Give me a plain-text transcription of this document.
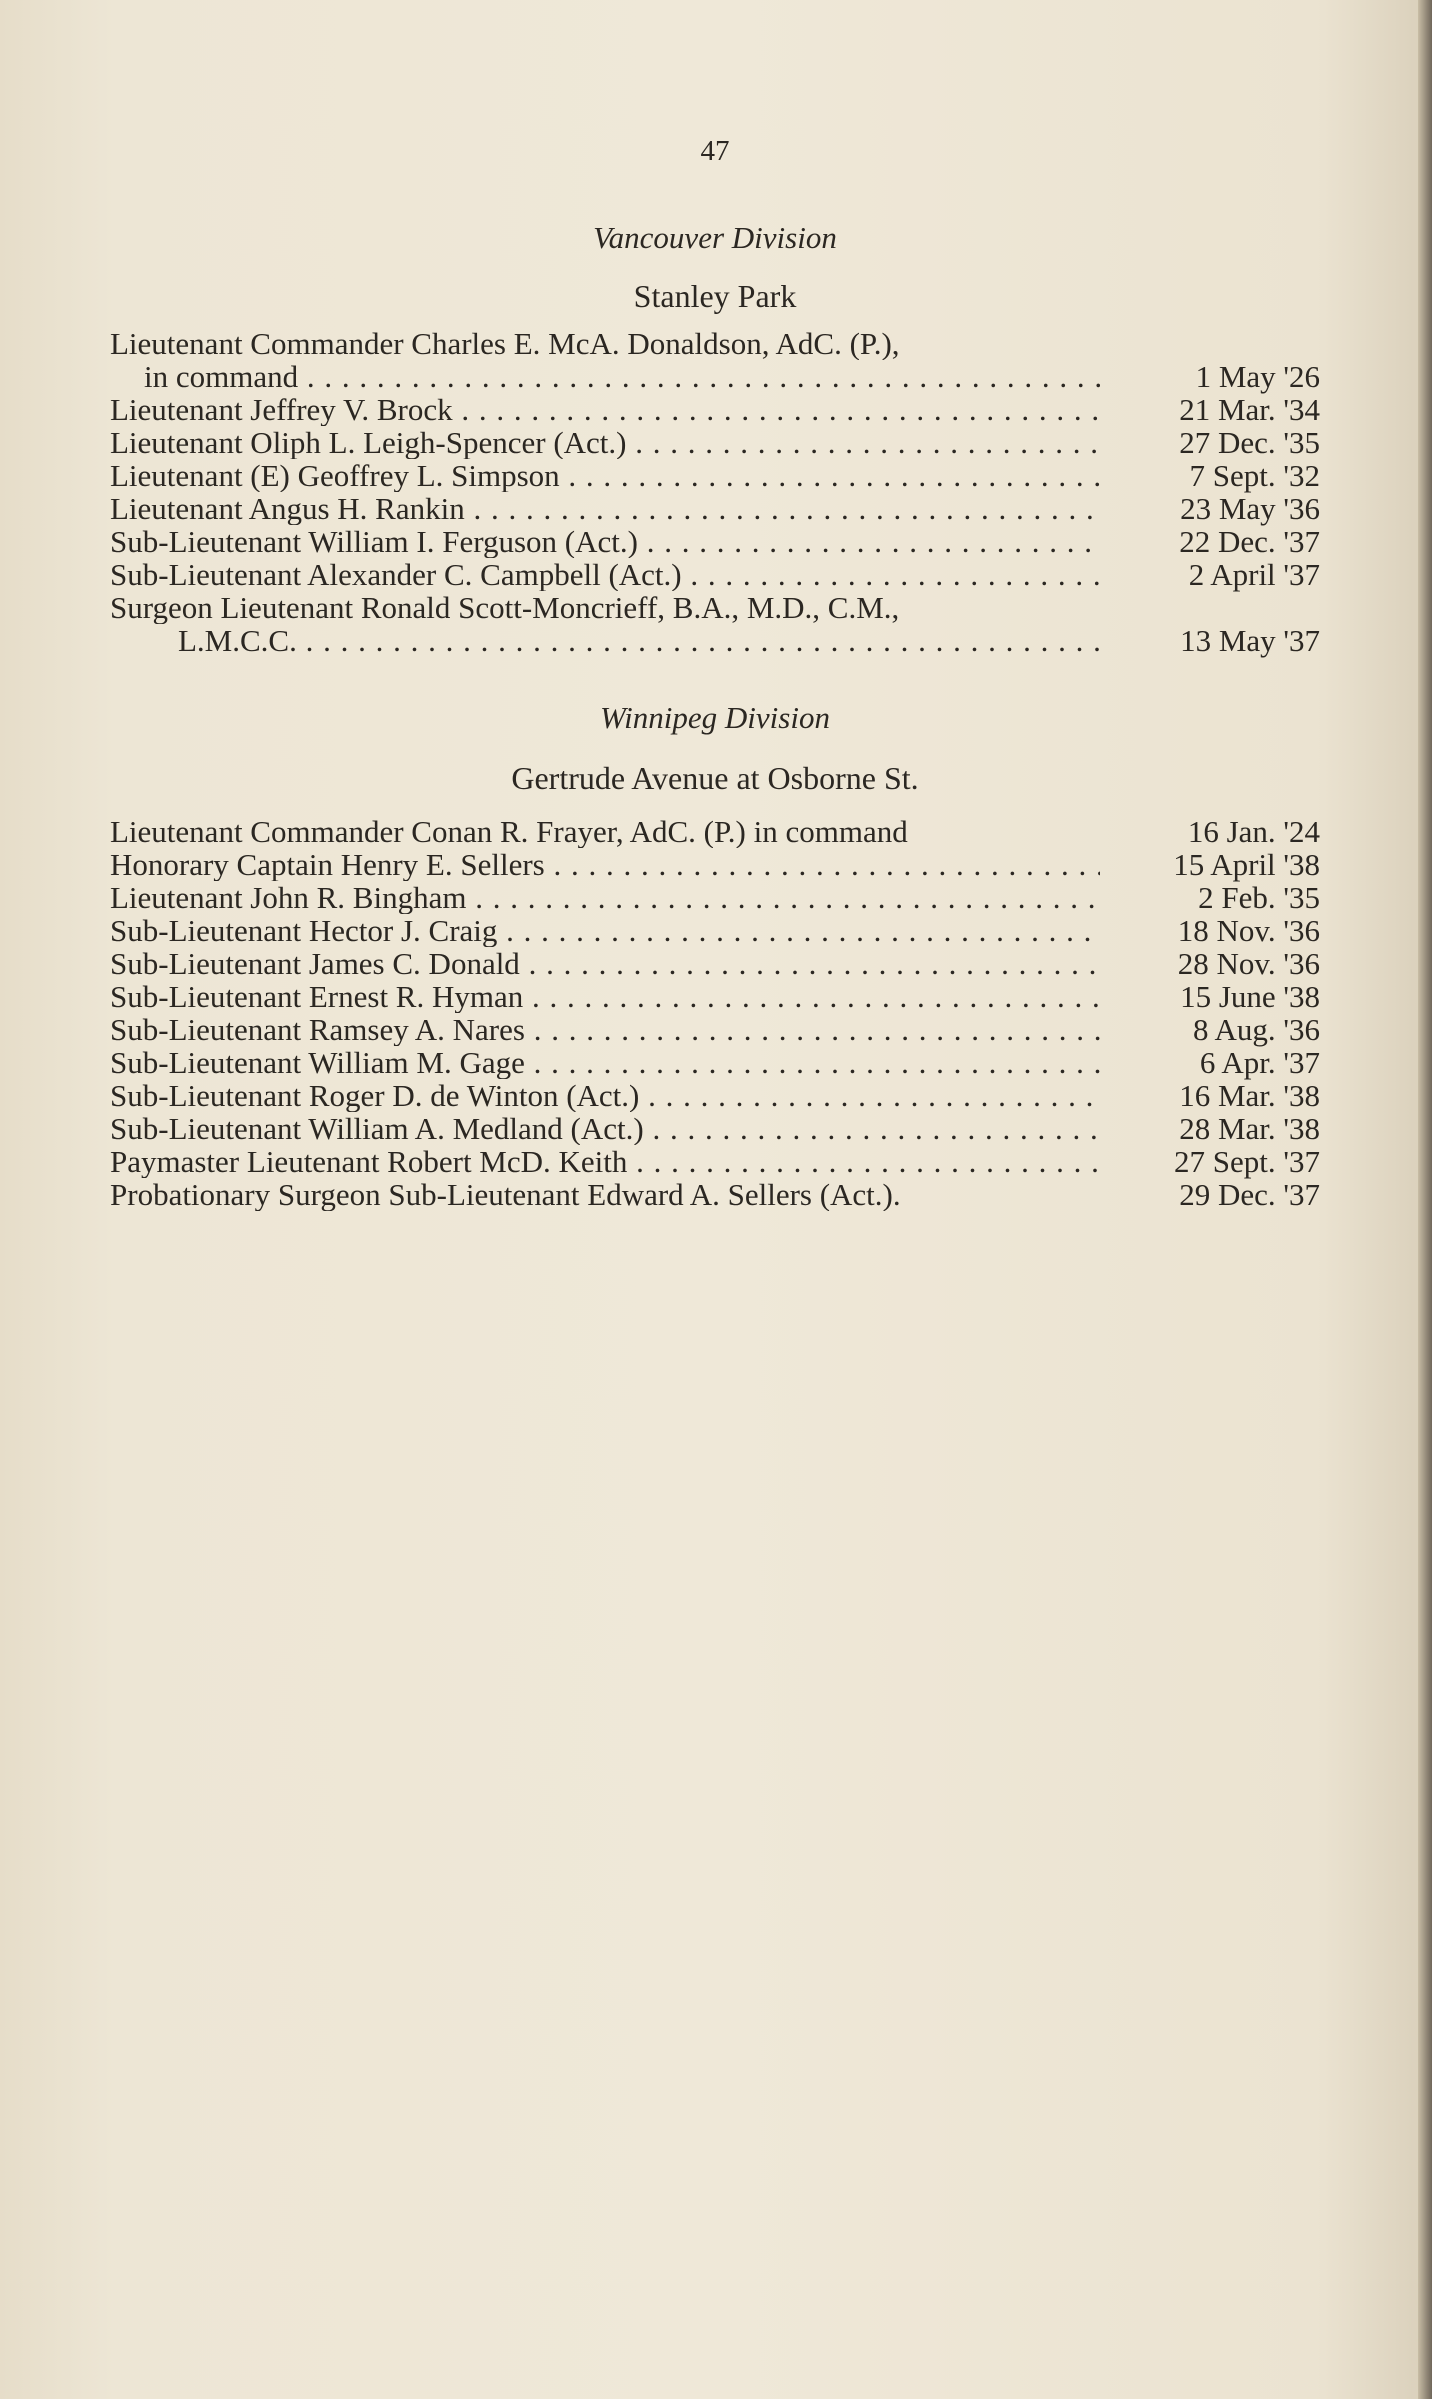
47
Vancouver Division
Stanley Park
Lieutenant Commander Charles E. McA. Donaldson, AdC. (P.),
in command . . .	1 May '26
Lieutenant Jeffrey V. Brock . . .	21 Mar. '34
Lieutenant Oliph L. Leigh-Spencer (Act.) . . .	27 Dec. '35
Lieutenant (E) Geoffrey L. Simpson . . .	7 Sept. '32
Lieutenant Angus H. Rankin . . .	23 May '36
Sub-Lieutenant William I. Ferguson (Act.) . . .	22 Dec. '37
Sub-Lieutenant Alexander C. Campbell (Act.) . . .	2 April '37
Surgeon Lieutenant Ronald Scott-Moncrieff, B.A., M.D., C.M.,
L.M.C.C. . . .	13 May '37
Winnipeg Division
Gertrude Avenue at Osborne St.
Lieutenant Commander Conan R. Frayer, AdC. (P.) in command	16 Jan. '24
Honorary Captain Henry E. Sellers . . .	15 April '38
Lieutenant John R. Bingham . . .	2 Feb. '35
Sub-Lieutenant Hector J. Craig . . .	18 Nov. '36
Sub-Lieutenant James C. Donald . . .	28 Nov. '36
Sub-Lieutenant Ernest R. Hyman . . .	15 June '38
Sub-Lieutenant Ramsey A. Nares . . .	8 Aug. '36
Sub-Lieutenant William M. Gage . . .	6 Apr. '37
Sub-Lieutenant Roger D. de Winton (Act.) . . .	16 Mar. '38
Sub-Lieutenant William A. Medland (Act.) . . .	28 Mar. '38
Paymaster Lieutenant Robert McD. Keith . . .	27 Sept. '37
Probationary Surgeon Sub-Lieutenant Edward A. Sellers (Act.).	29 Dec. '37
